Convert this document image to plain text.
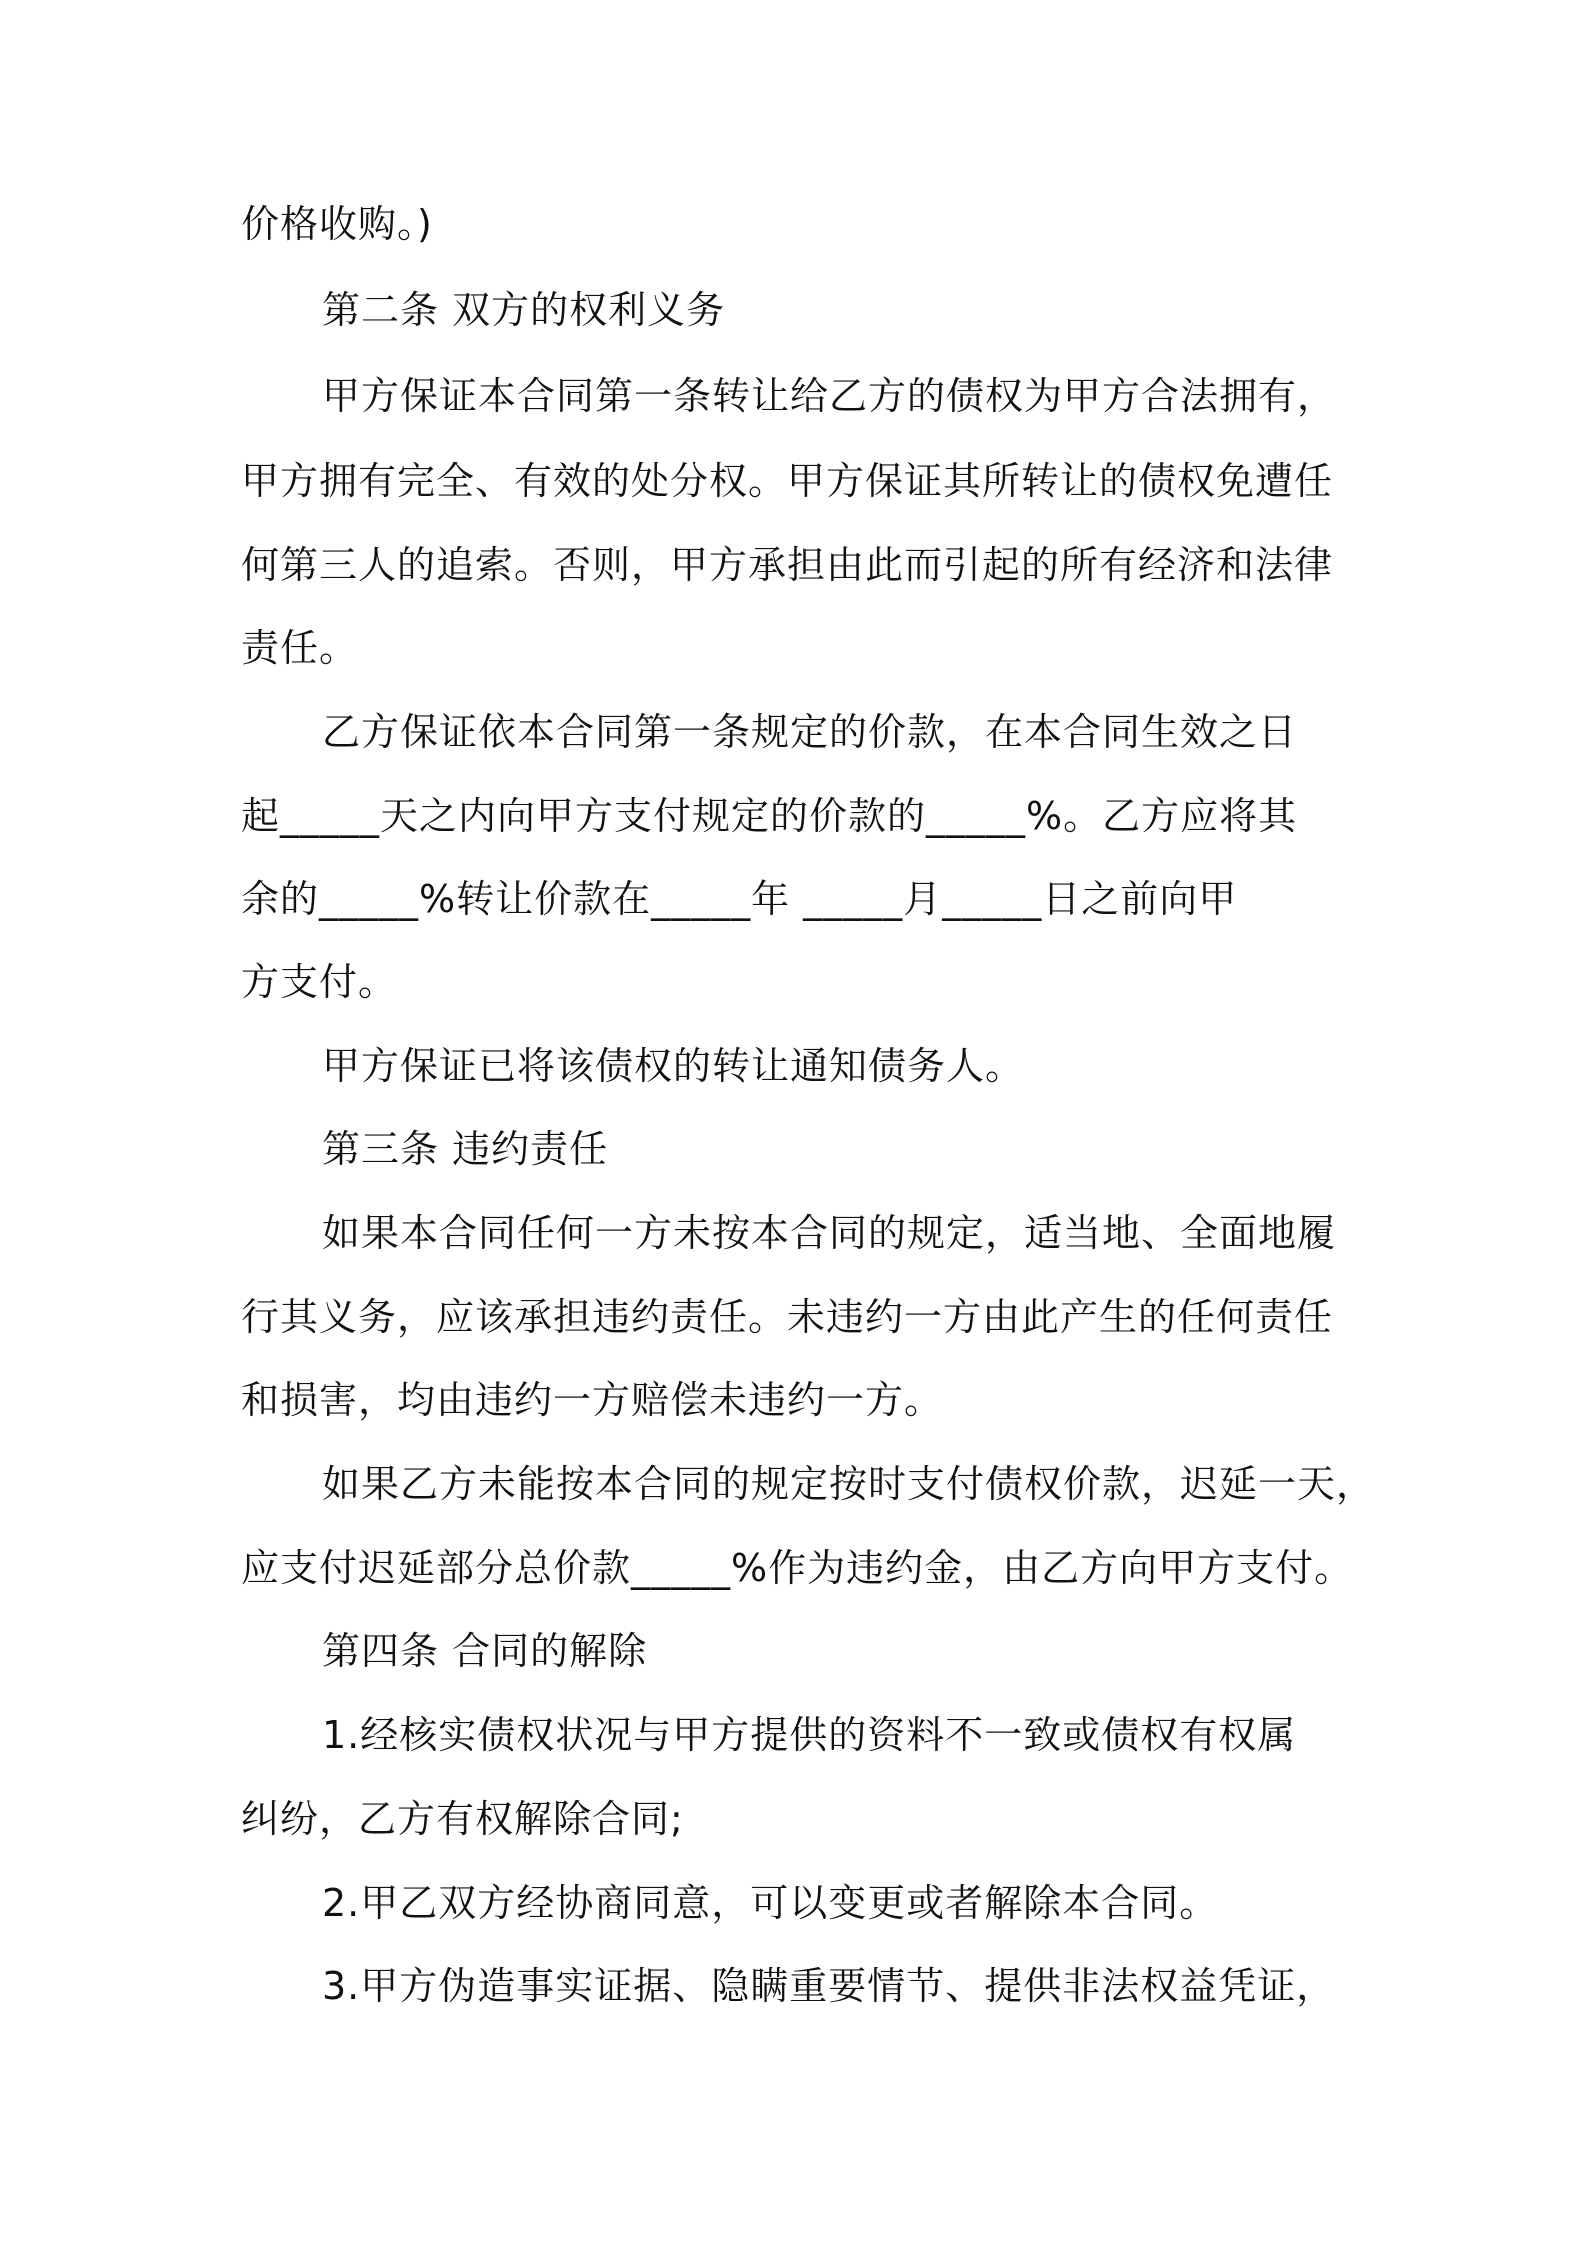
价格收购。)
第二条 双方的权利义务
甲方保证本合同第一条转让给乙方的债权为甲方合法拥有，
甲方拥有完全、有效的处分权。甲方保证其所转让的债权免遭任
何第三人的追索。否则，甲方承担由此而引起的所有经济和法律
责任。
乙方保证依本合同第一条规定的价款，在本合同生效之日
起_____天之内向甲方支付规定的价款的_____%。乙方应将其
余的_____%转让价款在_____年 _____月_____日之前向甲
方支付。
甲方保证已将该债权的转让通知债务人。
第三条 违约责任
如果本合同任何一方未按本合同的规定，适当地、全面地履
行其义务，应该承担违约责任。未违约一方由此产生的任何责任
和损害，均由违约一方赔偿未违约一方。
如果乙方未能按本合同的规定按时支付债权价款，迟延一天，
应支付迟延部分总价款_____%作为违约金，由乙方向甲方支付。
第四条 合同的解除
1.经核实债权状况与甲方提供的资料不一致或债权有权属
纠纷，乙方有权解除合同;
2.甲乙双方经协商同意，可以变更或者解除本合同。
3.甲方伪造事实证据、隐瞒重要情节、提供非法权益凭证，
